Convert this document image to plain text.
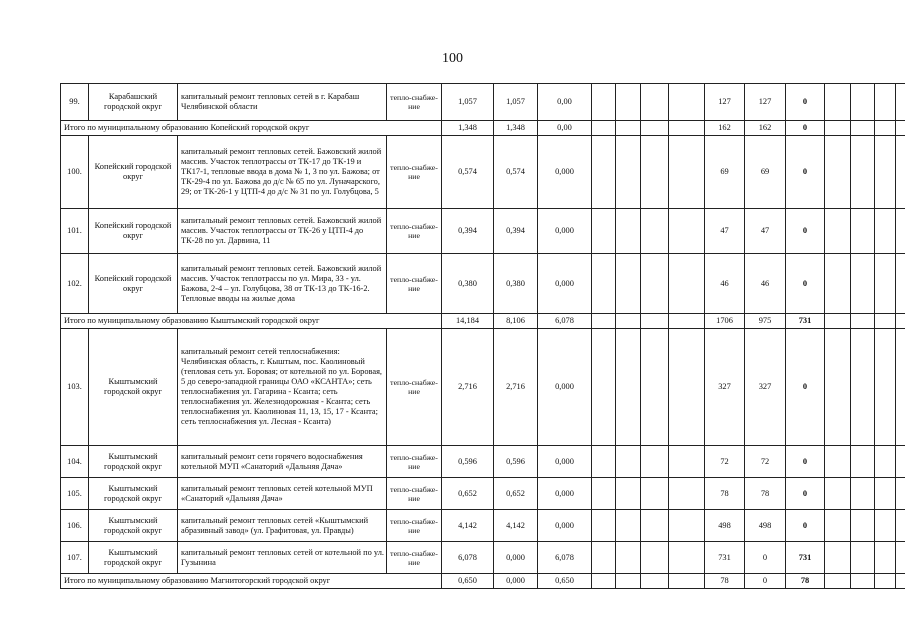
100
99.	Карабашский городской округ	капитальный ремонт тепловых сетей в г. Карабаш Челябинской области	тепло-снабже-ние	1,057	1,057	0,00					127	127	0				
Итого по муниципальному образованию Копейский городской округ				1,348	1,348	0,00					162	162	0				
100.	Копейский городской округ	капитальный ремонт тепловых сетей. Бажовский жилой массив. Участок теплотрассы от ТК-17 до ТК-19 и ТК17-1, тепловые ввода в дома № 1, 3 по ул. Бажова; от ТК-29-4 по ул. Бажова до д/с № 65 по ул. Луначарского, 29; от ТК-26-1 у ЦТП-4 до д/с № 31 по ул. Голубцова, 5	тепло-снабже-ние	0,574	0,574	0,000					69	69	0				
101.	Копейский городской округ	капитальный ремонт тепловых сетей. Бажовский жилой массив. Участок теплотрассы от ТК-26 у ЦТП-4 до ТК-28 по ул. Дарвина, 11	тепло-снабже-ние	0,394	0,394	0,000					47	47	0				
102.	Копейский городской округ	капитальный ремонт тепловых сетей. Бажовский жилой массив. Участок теплотрассы по ул. Мира, 33 - ул. Бажова, 2-4 – ул. Голубцова, 38 от ТК-13 до ТК-16-2. Тепловые вводы на жилые дома	тепло-снабже-ние	0,380	0,380	0,000					46	46	0				
Итого по муниципальному образованию Кыштымский городской округ				14,184	8,106	6,078					1706	975	731				
103.	Кыштымский городской округ	капитальный ремонт сетей теплоснабжения: Челябинская область, г. Кыштым, пос. Каолиновый (тепловая сеть ул. Боровая; от котельной по ул. Боровая, 5 до северо-западной границы ОАО «КСАНТА»; сеть теплоснабжения ул. Гагарина - Ксанта; сеть теплоснабжения ул. Железнодорожная - Ксанта; сеть теплоснабжения ул. Каолиновая 11, 13, 15, 17 - Ксанта; сеть теплоснабжения ул. Лесная - Ксанта)	тепло-снабже-ние	2,716	2,716	0,000					327	327	0				
104.	Кыштымский городской округ	капитальный ремонт сети горячего водоснабжения котельной МУП «Санаторий «Дальняя Дача»	тепло-снабже-ние	0,596	0,596	0,000					72	72	0				
105.	Кыштымский городской округ	капитальный ремонт тепловых сетей котельной МУП «Санаторий «Дальняя Дача»	тепло-снабже-ние	0,652	0,652	0,000					78	78	0				
106.	Кыштымский городской округ	капитальный ремонт тепловых сетей «Кыштымский абразивный завод» (ул. Графитовая, ул. Правды)	тепло-снабже-ние	4,142	4,142	0,000					498	498	0				
107.	Кыштымский городской округ	капитальный ремонт тепловых сетей от котельной по ул. Гузынина	тепло-снабже-ние	6,078	0,000	6,078					731	0	731				
Итого по муниципальному образованию Магнитогорский городской округ				0,650	0,000	0,650					78	0	78				
